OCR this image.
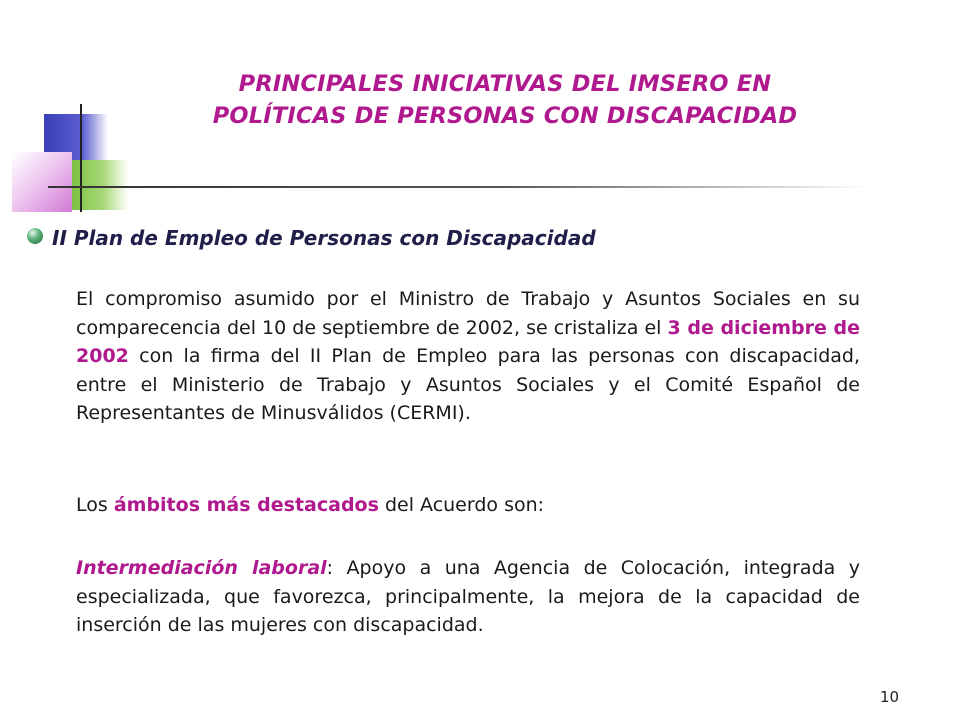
PRINCIPALES INICIATIVAS DEL IMSERO EN
POLÍTICAS DE PERSONAS CON DISCAPACIDAD
II Plan de Empleo de Personas con Discapacidad
El compromiso asumido por el Ministro de Trabajo y Asuntos Sociales en su comparecencia del 10 de septiembre de 2002, se cristaliza el 3 de diciembre de 2002 con la firma del II Plan de Empleo para las personas con discapacidad, entre el Ministerio de Trabajo y Asuntos Sociales y el Comité Español de Representantes de Minusválidos (CERMI).
Los ámbitos más destacados del Acuerdo son:
Intermediación laboral: Apoyo a una Agencia de Colocación, integrada y especializada, que favorezca, principalmente, la mejora de la capacidad de inserción de las mujeres con discapacidad.
10
